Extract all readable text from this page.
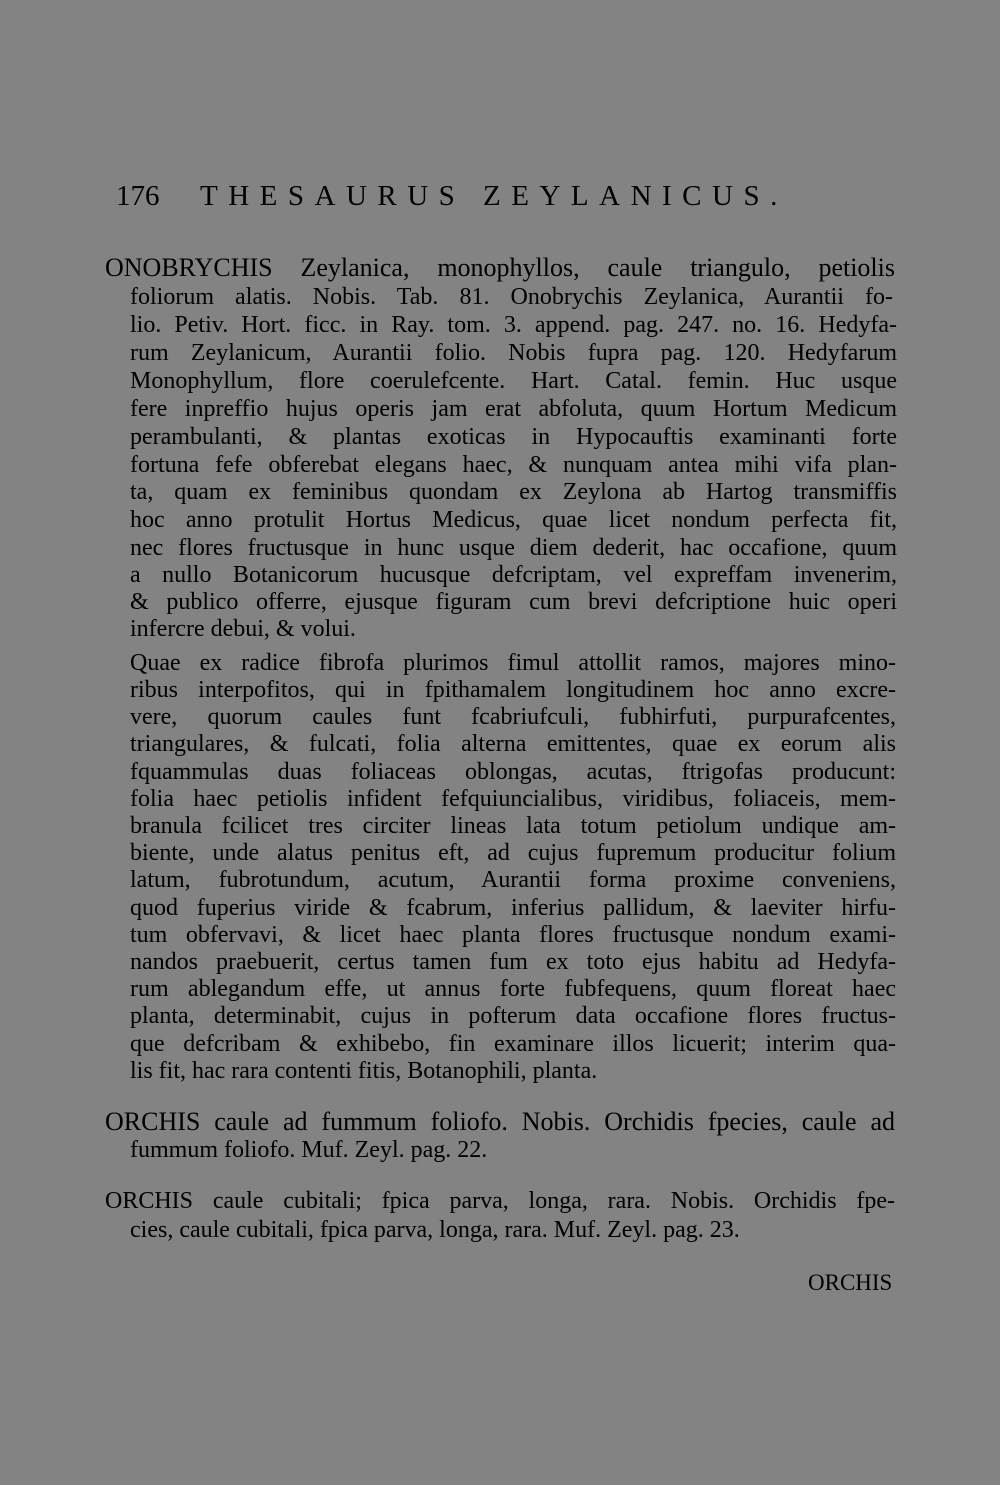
176 THESAURUS ZEYLANICUS.
ONOBRYCHIS Zeylanica, monophyllos, caule triangulo, petiolis
foliorum alatis. Nobis. Tab. 81. Onobrychis Zeylanica, Aurantii fo-
lio. Petiv. Hort. ficc. in Ray. tom. 3. append. pag. 247. no. 16. Hedyfa-
rum Zeylanicum, Aurantii folio. Nobis fupra pag. 120. Hedyfarum
Monophyllum, flore coerulefcente. Hart. Catal. femin. Huc usque
fere inpreffio hujus operis jam erat abfoluta, quum Hortum Medicum
perambulanti, & plantas exoticas in Hypocauftis examinanti forte
fortuna fefe obferebat elegans haec, & nunquam antea mihi vifa plan-
ta, quam ex feminibus quondam ex Zeylona ab Hartog transmiffis
hoc anno protulit Hortus Medicus, quae licet nondum perfecta fit,
nec flores fructusque in hunc usque diem dederit, hac occafione, quum
a nullo Botanicorum hucusque defcriptam, vel expreffam invenerim,
& publico offerre, ejusque figuram cum brevi defcriptione huic operi
infercre debui, & volui.
Quae ex radice fibrofa plurimos fimul attollit ramos, majores mino-
ribus interpofitos, qui in fpithamalem longitudinem hoc anno excre-
vere, quorum caules funt fcabriufculi, fubhirfuti, purpurafcentes,
triangulares, & fulcati, folia alterna emittentes, quae ex eorum alis
fquammulas duas foliaceas oblongas, acutas, ftrigofas producunt:
folia haec petiolis infident fefquiuncialibus, viridibus, foliaceis, mem-
branula fcilicet tres circiter lineas lata totum petiolum undique am-
biente, unde alatus penitus eft, ad cujus fupremum producitur folium
latum, fubrotundum, acutum, Aurantii forma proxime conveniens,
quod fuperius viride & fcabrum, inferius pallidum, & laeviter hirfu-
tum obfervavi, & licet haec planta flores fructusque nondum exami-
nandos praebuerit, certus tamen fum ex toto ejus habitu ad Hedyfa-
rum ablegandum effe, ut annus forte fubfequens, quum floreat haec
planta, determinabit, cujus in pofterum data occafione flores fructus-
que defcribam & exhibebo, fin examinare illos licuerit; interim qua-
lis fit, hac rara contenti fitis, Botanophili, planta.
ORCHIS caule ad fummum foliofo. Nobis. Orchidis fpecies, caule ad
fummum foliofo. Muf. Zeyl. pag. 22.
ORCHIS caule cubitali; fpica parva, longa, rara. Nobis. Orchidis fpe-
cies, caule cubitali, fpica parva, longa, rara. Muf. Zeyl. pag. 23.
ORCHIS
